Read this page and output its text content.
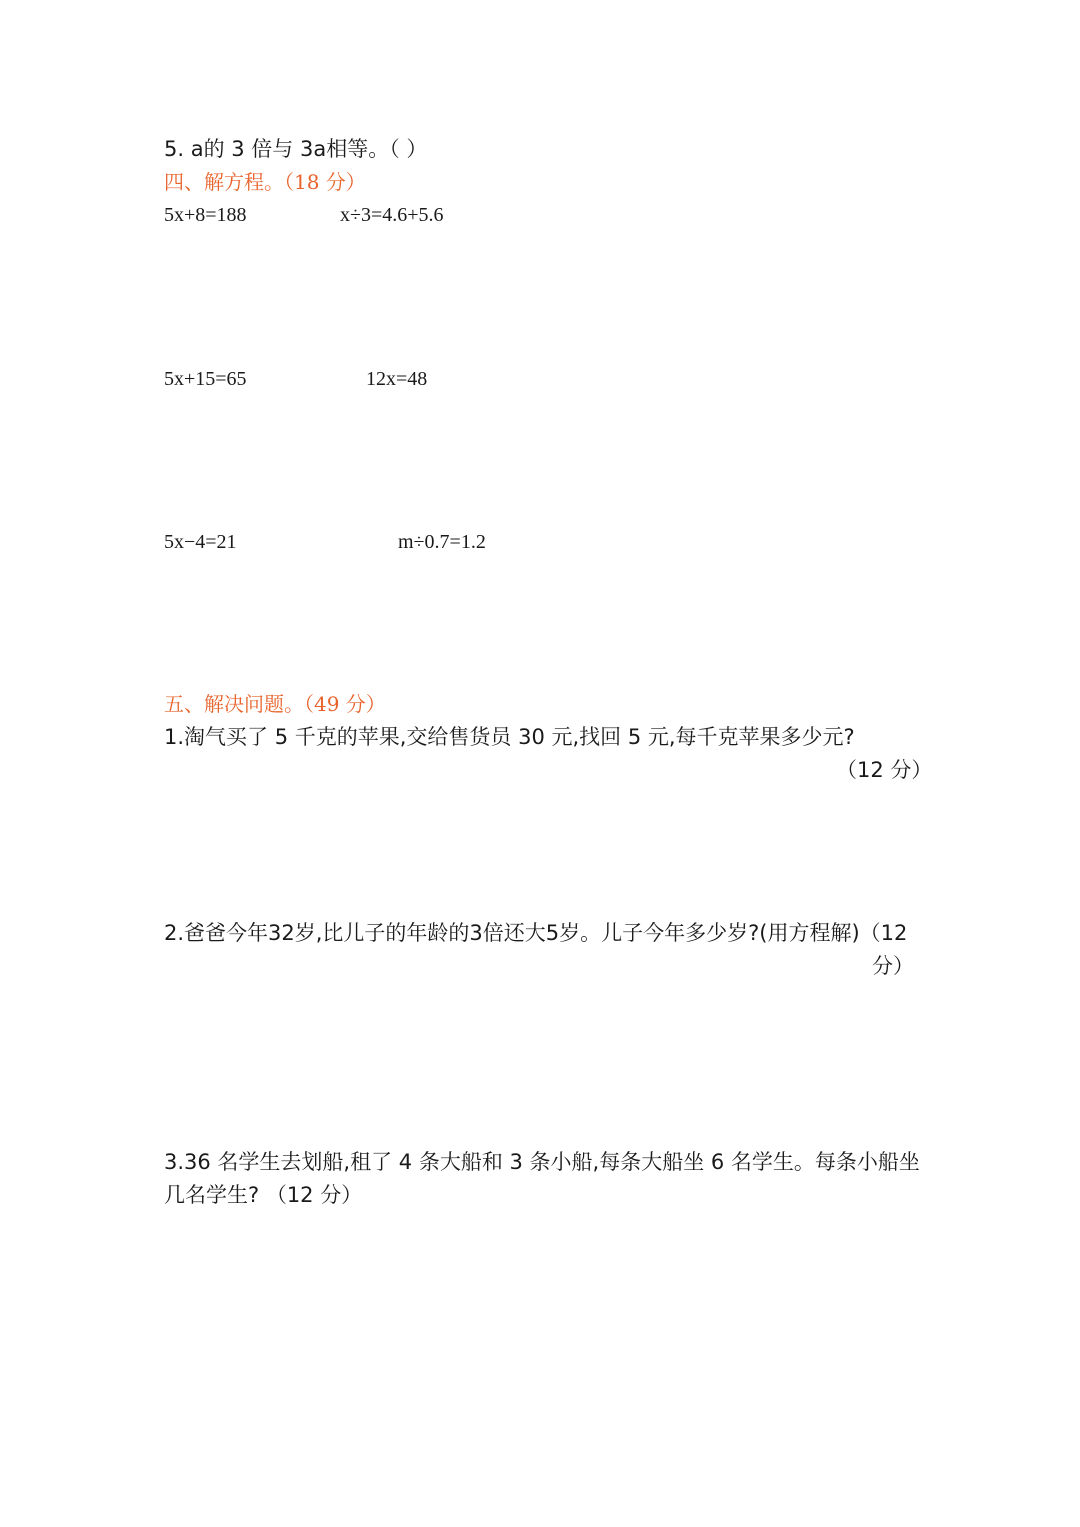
5. a的 3 倍与 3a相等。（ ）
四、解方程。（18 分）
5x+8=188	x÷3=4.6+5.6
5x+15=65	12x=48
5x−4=21	m÷0.7=1.2
五、解决问题。（49 分）
1.淘气买了 5 千克的苹果,交给售货员 30 元,找回 5 元,每千克苹果多少元?
（12 分）
2.爸爸今年32岁,比儿子的年龄的3倍还大5岁。儿子今年多少岁?(用方程解)（12
分）
3.36 名学生去划船,租了 4 条大船和 3 条小船,每条大船坐 6 名学生。每条小船坐
几名学生? （12 分）
